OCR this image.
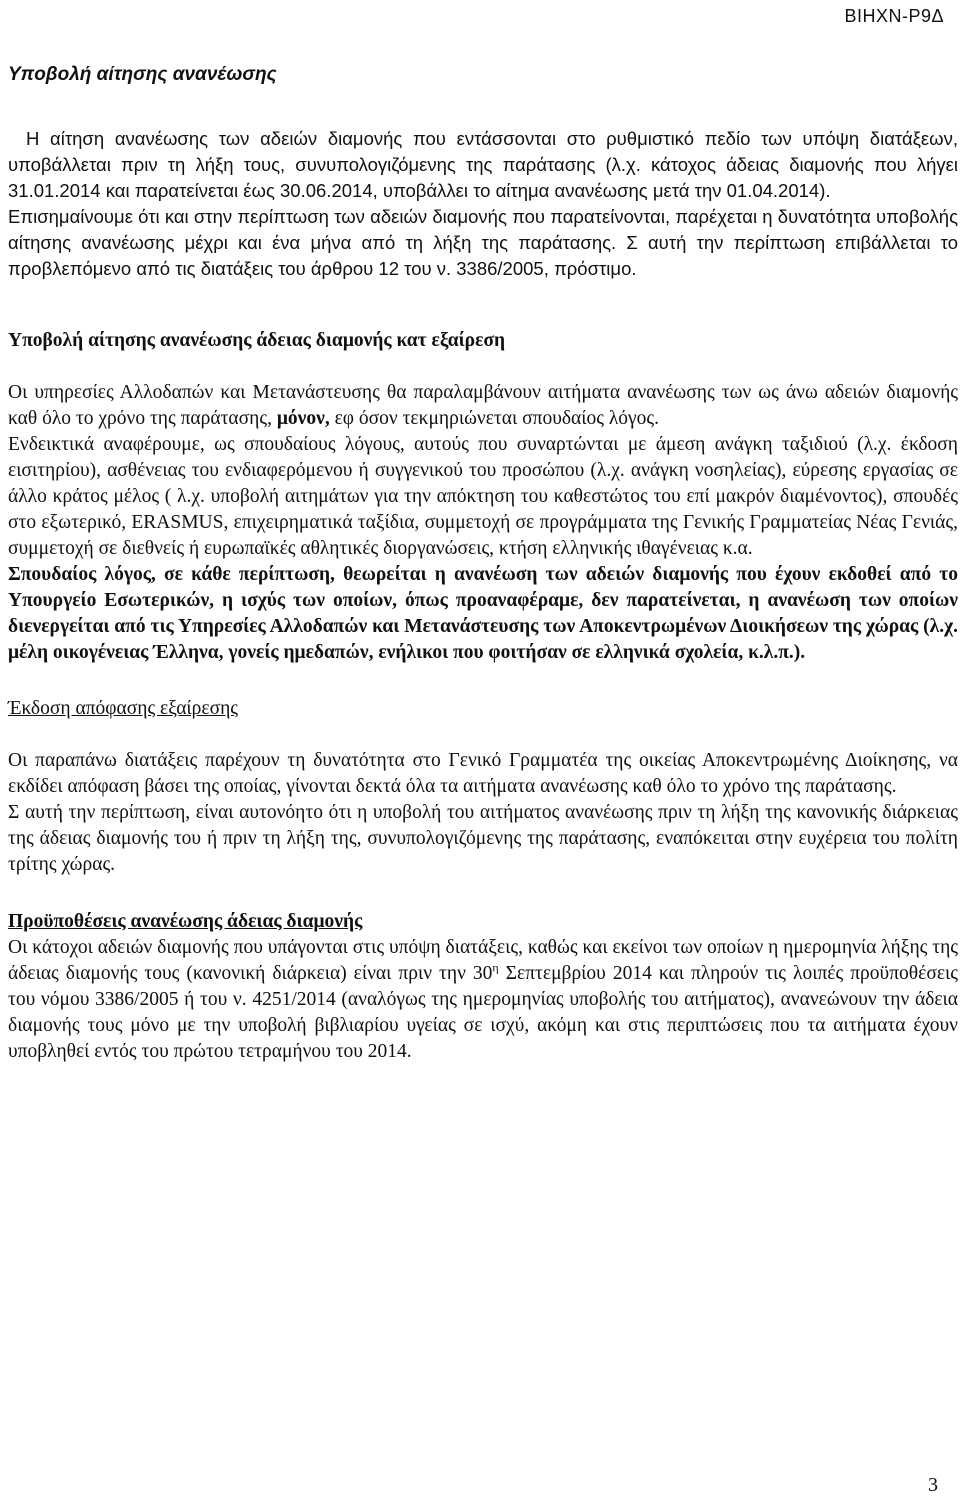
ΒΙΗΧΝ-Ρ9Δ
Υποβολή αίτησης ανανέωσης

Η αίτηση ανανέωσης των αδειών διαμονής που εντάσσονται στο ρυθμιστικό πεδίο των υπόψη διατάξεων, υποβάλλεται πριν τη λήξη τους, συνυπολογιζόμενης της παράτασης (λ.χ. κάτοχος άδειας διαμονής που λήγει 31.01.2014 και παρατείνεται έως 30.06.2014, υποβάλλει το αίτημα ανανέωσης μετά την 01.04.2014).

Επισημαίνουμε ότι και στην περίπτωση των αδειών διαμονής που παρατείνονται, παρέχεται η δυνατότητα υποβολής αίτησης ανανέωσης μέχρι και ένα μήνα από τη λήξη της παράτασης. Σ αυτή την περίπτωση επιβάλλεται το προβλεπόμενο από τις διατάξεις του άρθρου 12 του ν. 3386/2005, πρόστιμο.

Υποβολή αίτησης ανανέωσης άδειας διαμονής κατ εξαίρεση

Οι υπηρεσίες Αλλοδαπών και Μετανάστευσης θα παραλαμβάνουν αιτήματα ανανέωσης των ως άνω αδειών διαμονής καθ όλο το χρόνο της παράτασης, μόνον, εφ όσον τεκμηριώνεται σπουδαίος λόγος.

Ενδεικτικά αναφέρουμε, ως σπουδαίους λόγους, αυτούς που συναρτώνται με άμεση ανάγκη ταξιδιού (λ.χ. έκδοση εισιτηρίου), ασθένειας του ενδιαφερόμενου ή συγγενικού του προσώπου (λ.χ. ανάγκη νοσηλείας), εύρεσης εργασίας σε άλλο κράτος μέλος ( λ.χ. υποβολή αιτημάτων για την απόκτηση του καθεστώτος του επί μακρόν διαμένοντος), σπουδές στο εξωτερικό, ERASMUS, επιχειρηματικά ταξίδια, συμμετοχή σε προγράμματα της Γενικής Γραμματείας Νέας Γενιάς, συμμετοχή σε διεθνείς ή ευρωπαϊκές αθλητικές διοργανώσεις, κτήση ελληνικής ιθαγένειας κ.α.

Σπουδαίος λόγος, σε κάθε περίπτωση, θεωρείται η ανανέωση των αδειών διαμονής που έχουν εκδοθεί από το Υπουργείο Εσωτερικών, η ισχύς των οποίων, όπως προαναφέραμε, δεν παρατείνεται, η ανανέωση των οποίων διενεργείται από τις Υπηρεσίες Αλλοδαπών και Μετανάστευσης των Αποκεντρωμένων Διοικήσεων της χώρας (λ.χ. μέλη οικογένειας Έλληνα, γονείς ημεδαπών, ενήλικοι που φοιτήσαν σε ελληνικά σχολεία, κ.λ.π.).

Έκδοση απόφασης εξαίρεσης

Οι παραπάνω διατάξεις παρέχουν τη δυνατότητα στο Γενικό Γραμματέα της οικείας Αποκεντρωμένης Διοίκησης, να εκδίδει απόφαση βάσει της οποίας, γίνονται δεκτά όλα τα αιτήματα ανανέωσης καθ όλο το χρόνο της παράτασης.

Σ αυτή την περίπτωση, είναι αυτονόητο ότι η υποβολή του αιτήματος ανανέωσης πριν τη λήξη της κανονικής διάρκειας της άδειας διαμονής του ή πριν τη λήξη της, συνυπολογιζόμενης της παράτασης, εναπόκειται στην ευχέρεια του πολίτη τρίτης χώρας.

Προϋποθέσεις ανανέωσης άδειας διαμονής

Οι κάτοχοι αδειών διαμονής που υπάγονται στις υπόψη διατάξεις, καθώς και εκείνοι των οποίων η ημερομηνία λήξης της άδειας διαμονής τους (κανονική διάρκεια) είναι πριν την $30^\eta$ Σεπτεμβρίου 2014 και πληρούν τις λοιπές προϋποθέσεις του νόμου 3386/2005 ή του ν. 4251/2014 (αναλόγως της ημερομηνίας υποβολής του αιτήματος), ανανεώνουν την άδεια διαμονής τους μόνο με την υποβολή βιβλιαρίου υγείας σε ισχύ, ακόμη και στις περιπτώσεις που τα αιτήματα έχουν υποβληθεί εντός του πρώτου τετραμήνου του 2014.

3
